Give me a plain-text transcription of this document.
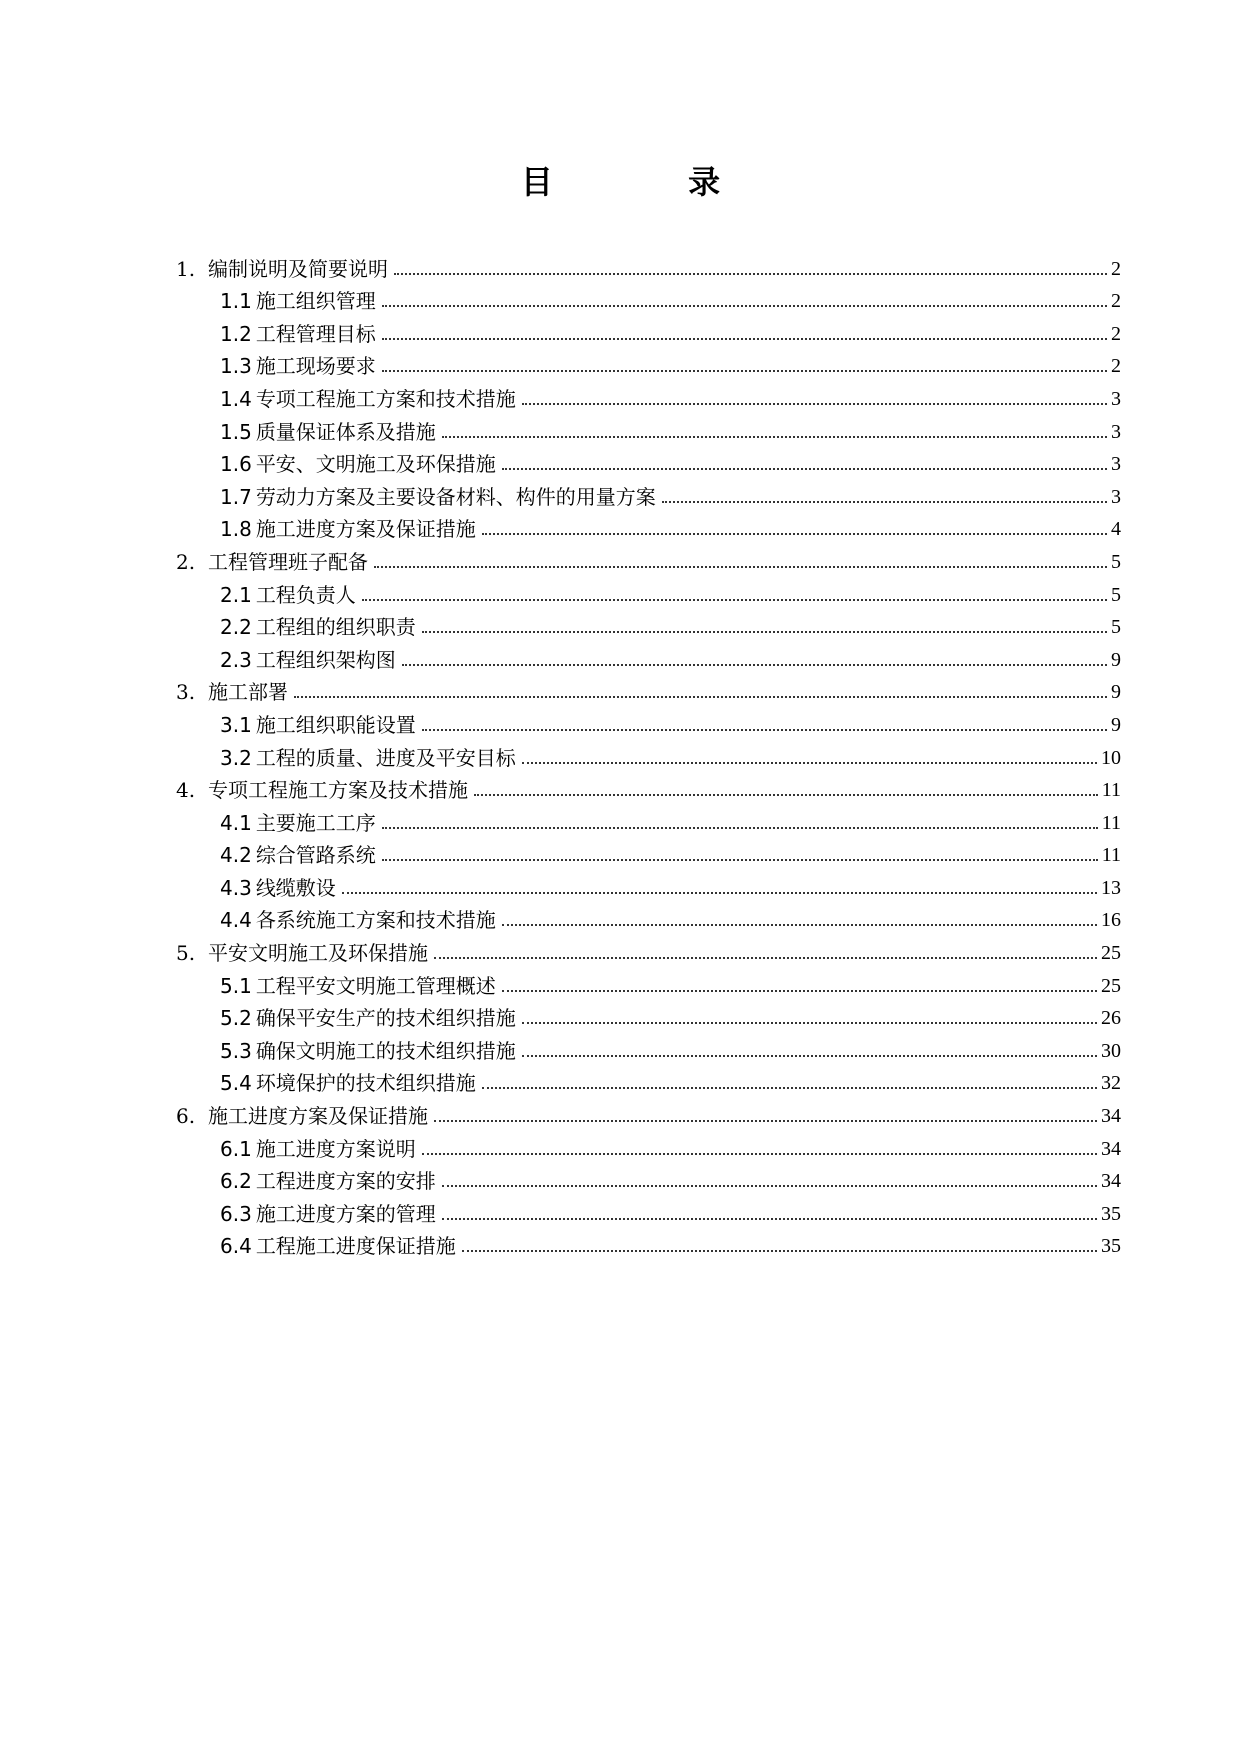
目 录
1. 编制说明及简要说明	2
1.1 施工组织管理	2
1.2 工程管理目标	2
1.3 施工现场要求	2
1.4 专项工程施工方案和技术措施	3
1.5 质量保证体系及措施	3
1.6 平安、文明施工及环保措施	3
1.7 劳动力方案及主要设备材料、构件的用量方案	3
1.8 施工进度方案及保证措施	4
2. 工程管理班子配备	5
2.1 工程负责人	5
2.2 工程组的组织职责	5
2.3 工程组织架构图	9
3. 施工部署	9
3.1 施工组织职能设置	9
3.2 工程的质量、进度及平安目标	10
4. 专项工程施工方案及技术措施	11
4.1 主要施工工序	11
4.2 综合管路系统	11
4.3 线缆敷设	13
4.4 各系统施工方案和技术措施	16
5. 平安文明施工及环保措施	25
5.1 工程平安文明施工管理概述	25
5.2 确保平安生产的技术组织措施	26
5.3 确保文明施工的技术组织措施	30
5.4 环境保护的技术组织措施	32
6. 施工进度方案及保证措施	34
6.1 施工进度方案说明	34
6.2 工程进度方案的安排	34
6.3 施工进度方案的管理	35
6.4 工程施工进度保证措施	35
